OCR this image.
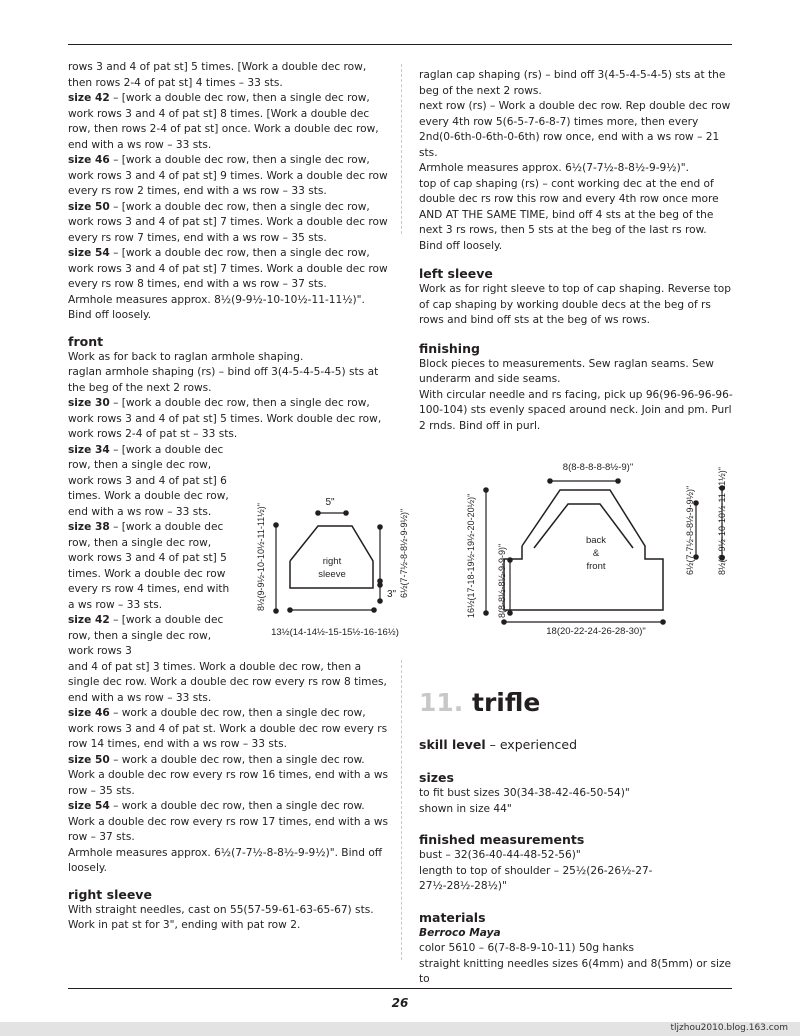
rows 3 and 4 of pat st] 5 times. [Work a double dec row, then rows 2-4 of pat st] 4 times – 33 sts.

size 42 – [work a double dec row, then a single dec row, work rows 3 and 4 of pat st] 8 times. [Work a double dec row, then rows 2-4 of pat st] once. Work a double dec row, end with a ws row – 33 sts.

size 46 – [work a double dec row, then a single dec row, work rows 3 and 4 of pat st] 9 times. Work a double dec row every rs row 2 times, end with a ws row – 33 sts.

size 50 – [work a double dec row, then a single dec row, work rows 3 and 4 of pat st] 7 times. Work a double dec row every rs row 7 times, end with a ws row – 35 sts.

size 54 – [work a double dec row, then a single dec row, work rows 3 and 4 of pat st] 7 times. Work a double dec row every rs row 8 times, end with a ws row – 37 sts.

Armhole measures approx. 8½(9-9½-10-10½-11-11½)". Bind off loosely.

front

Work as for back to raglan armhole shaping.

raglan armhole shaping (rs) – bind off 3(4-5-4-5-4-5) sts at the beg of the next 2 rows.

size 30 – [work a double dec row, then a single dec row, work rows 3 and 4 of pat st] 5 times. Work double dec row, work rows 2-4 of pat st – 33 sts.

size 34 – [work a double dec row, then a single dec row, work rows 3 and 4 of pat st] 6 times. Work a double dec row, end with a ws row – 33 sts.

size 38 – [work a double dec row, then a single dec row, work rows 3 and 4 of pat st] 5 times. Work a double dec row every rs row 4 times, end with a ws row – 33 sts.

size 42 – [work a double dec row, then a single dec row, work rows 3

and 4 of pat st] 3 times. Work a double dec row, then a single dec row. Work a double dec row every rs row 8 times, end with a ws row – 33 sts.

size 46 – work a double dec row, then a single dec row, work rows 3 and 4 of pat st. Work a double dec row every rs row 14 times, end with a ws row – 33 sts.

size 50 – work a double dec row, then a single dec row. Work a double dec row every rs row 16 times, end with a ws row – 35 sts.

size 54 – work a double dec row, then a single dec row. Work a double dec row every rs row 17 times, end with a ws row – 37 sts.

Armhole measures approx. 6½(7-7½-8-8½-9-9½)". Bind off loosely.

right sleeve

With straight needles, cast on 55(57-59-61-63-65-67) sts. Work in pat st for 3", ending with pat row 2.

raglan cap shaping (rs) – bind off 3(4-5-4-5-4-5) sts at the beg of the next 2 rows.

next row (rs) – Work a double dec row. Rep double dec row every 4th row 5(6-5-7-6-8-7) times more, then every 2nd(0-6th-0-6th-0-6th) row once, end with a ws row – 21 sts.

Armhole measures approx. 6½(7-7½-8-8½-9-9½)".

top of cap shaping (rs) – cont working dec at the end of double dec rs row this row and every 4th row once more AND AT THE SAME TIME, bind off 4 sts at the beg of the next 3 rs rows, then 5 sts at the beg of the last rs row. Bind off loosely.

left sleeve

Work as for right sleeve to top of cap shaping. Reverse top of cap shaping by working double decs at the beg of rs rows and bind off sts at the beg of ws rows.

finishing

Block pieces to measurements. Sew raglan seams. Sew underarm and side seams.

With circular needle and rs facing, pick up 96(96-96-96-96-100-104) sts evenly spaced around neck. Join and pm. Purl 2 rnds. Bind off in purl.

5"
right
sleeve	6½(7-7½-8-8½-9-9½)"
3"
8½(9-9½-10-10½-11-11½)"
13½(14-14½-15-15½-16-16½)
8(8-8-8-8-8½-9)"
back
&
front
16½(17-18-19½-19½-20-20½)" 8(8-8½-8½-9-9-9)"
6½(7-7½-8-8½-9-9½)" 8½(9-9½-10-10½-11-11½)"
18(20-22-24-26-28-30)"
11. trifle
skill level – experienced
sizes

to fit bust sizes 30(34-38-42-46-50-54)"

shown in size 44"

finished measurements

bust – 32(36-40-44-48-52-56)"

length to top of shoulder – 25½(26-26½-27-27½-28½-28½)"

materials

Berroco Maya

color 5610 – 6(7-8-8-9-10-11) 50g hanks

straight knitting needles sizes 6(4mm) and 8(5mm) or size to

26
tljzhou2010.blog.163.com
